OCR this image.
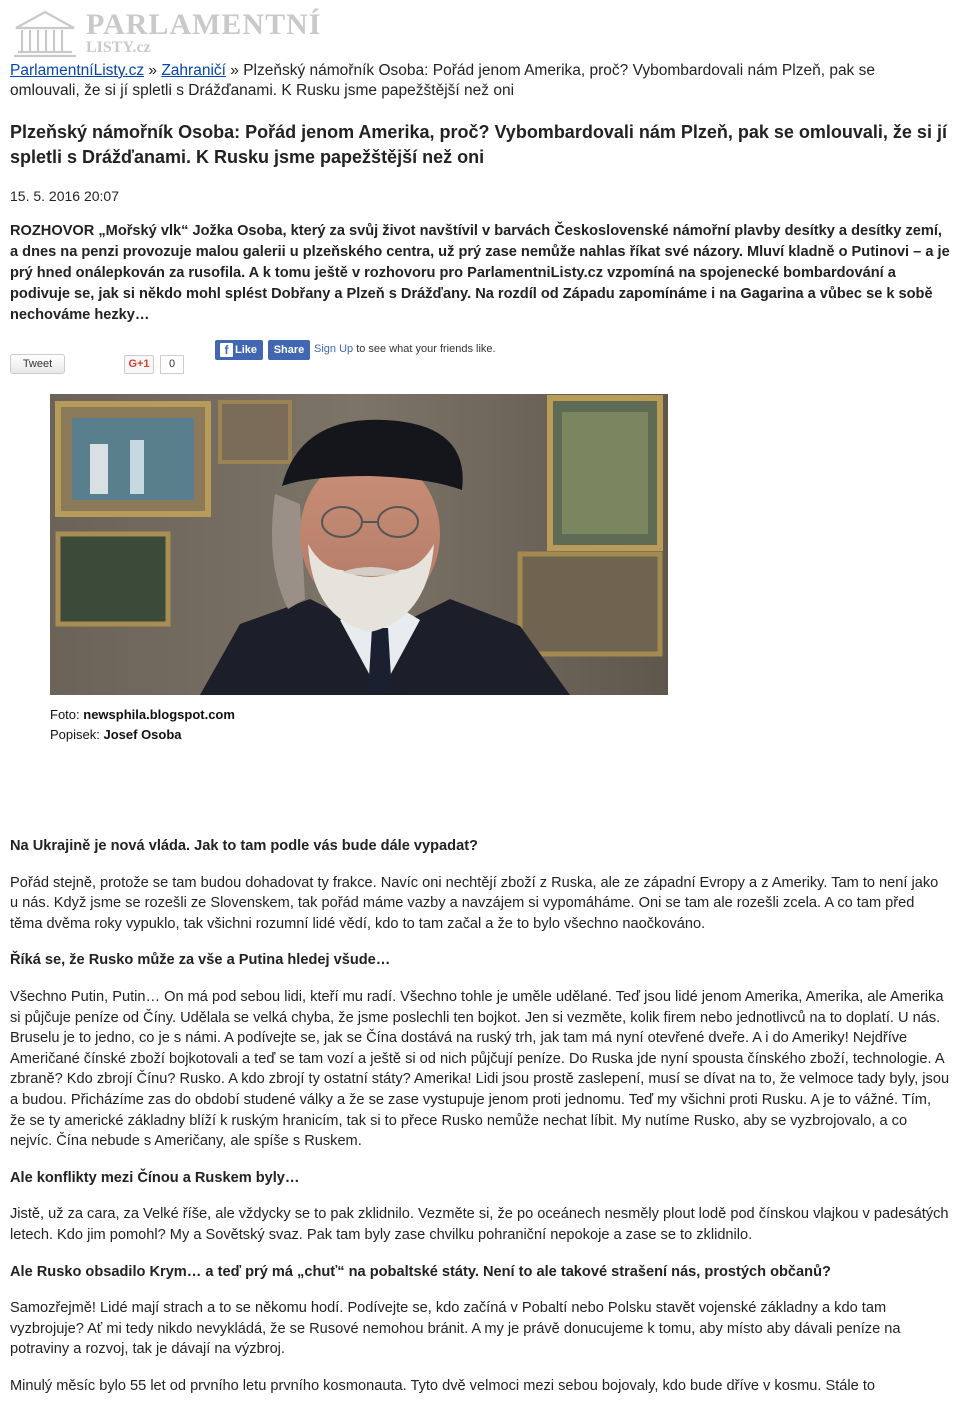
PARLAMENTNÍ
LISTY.cz
ParlamentníListy.cz » Zahraničí » Plzeňský námořník Osoba: Pořád jenom Amerika, proč? Vybombardovali nám Plzeň, pak se omlouvali, že si jí spletli s Drážďanami. K Rusku jsme papežštější než oni
Plzeňský námořník Osoba: Pořád jenom Amerika, proč? Vybombardovali nám Plzeň, pak se omlouvali, že si jí spletli s Drážďanami. K Rusku jsme papežštější než oni
15. 5. 2016 20:07

ROZHOVOR „Mořský vlk“ Jožka Osoba, který za svůj život navštívil v barvách Československé námořní plavby desítky a desítky zemí, a dnes na penzi provozuje malou galerii u plzeňského centra, už prý zase nemůže nahlas říkat své názory. Mluví kladně o Putinovi – a je prý hned onálepkován za rusofila. A k tomu ještě v rozhovoru pro ParlamentniListy.cz vzpomíná na spojenecké bombardování a podivuje se, jak si někdo mohl splést Dobřany a Plzeň s Drážďany. Na rozdíl od Západu zapomínáme i na Gagarina a vůbec se k sobě nechováme hezky…

Tweet	G+1	0
f Like	Share Sign Up to see what your friends like.
Foto: newsphila.blogspot.com
Popisek: Josef Osoba

Na Ukrajině je nová vláda. Jak to tam podle vás bude dále vypadat?

Pořád stejně, protože se tam budou dohadovat ty frakce. Navíc oni nechtějí zboží z Ruska, ale ze západní Evropy a z Ameriky. Tam to není jako u nás. Když jsme se rozešli ze Slovenskem, tak pořád máme vazby a navzájem si vypomáháme. Oni se tam ale rozešli zcela. A co tam před těma dvěma roky vypuklo, tak všichni rozumní lidé vědí, kdo to tam začal a že to bylo všechno naočkováno.

Říká se, že Rusko může za vše a Putina hledej všude…

Všechno Putin, Putin… On má pod sebou lidi, kteří mu radí. Všechno tohle je uměle udělané. Teď jsou lidé jenom Amerika, Amerika, ale Amerika si půjčuje peníze od Číny. Udělala se velká chyba, že jsme poslechli ten bojkot. Jen si vezměte, kolik firem nebo jednotlivců na to doplatí. U nás. Bruselu je to jedno, co je s námi. A podívejte se, jak se Čína dostává na ruský trh, jak tam má nyní otevřené dveře. A i do Ameriky! Nejdříve Američané čínské zboží bojkotovali a teď se tam vozí a ještě si od nich půjčují peníze. Do Ruska jde nyní spousta čínského zboží, technologie. A zbraně? Kdo zbrojí Čínu? Rusko. A kdo zbrojí ty ostatní státy? Amerika! Lidi jsou prostě zaslepení, musí se dívat na to, že velmoce tady byly, jsou a budou. Přicházíme zas do období studené války a že se zase vystupuje jenom proti jednomu. Teď my všichni proti Rusku. A je to vážné. Tím, že se ty americké základny blíží k ruským hranicím, tak si to přece Rusko nemůže nechat líbit. My nutíme Rusko, aby se vyzbrojovalo, a co nejvíc. Čína nebude s Američany, ale spíše s Ruskem.

Ale konflikty mezi Čínou a Ruskem byly…

Jistě, už za cara, za Velké říše, ale vždycky se to pak zklidnilo. Vezměte si, že po oceánech nesměly plout lodě pod čínskou vlajkou v padesátých letech. Kdo jim pomohl? My a Sovětský svaz. Pak tam byly zase chvilku pohraniční nepokoje a zase se to zklidnilo.

Ale Rusko obsadilo Krym… a teď prý má „chuť“ na pobaltské státy. Není to ale takové strašení nás, prostých občanů?

Samozřejmě! Lidé mají strach a to se někomu hodí. Podívejte se, kdo začíná v Pobaltí nebo Polsku stavět vojenské základny a kdo tam vyzbrojuje? Ať mi tedy nikdo nevykládá, že se Rusové nemohou bránit. A my je právě donucujeme k tomu, aby místo aby dávali peníze na potraviny a rozvoj, tak je dávají na výzbroj.

Minulý měsíc bylo 55 let od prvního letu prvního kosmonauta. Tyto dvě velmoci mezi sebou bojovaly, kdo bude dříve v kosmu. Stále to
